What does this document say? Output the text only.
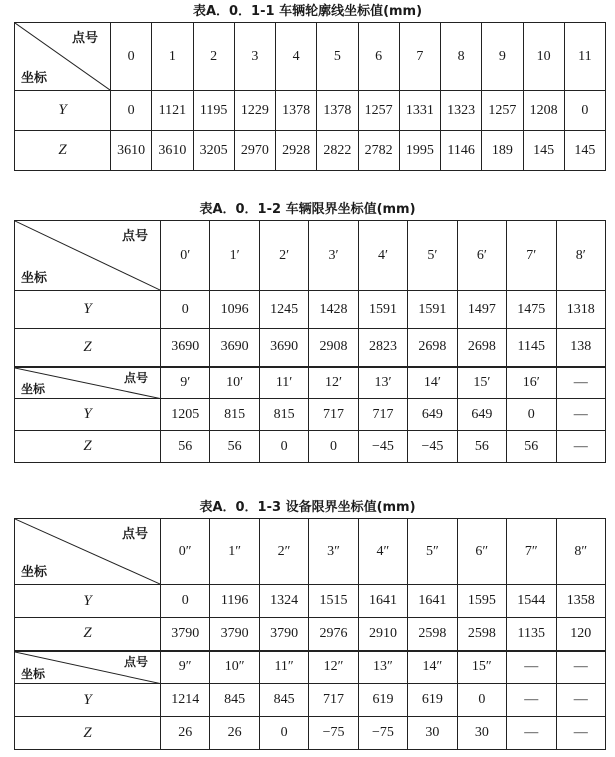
表A．0．1-1 车辆轮廓线坐标值(mm)

点号
坐标	0	1	2	3	4	5	6	7	8	9	10	11
Y	0	1121	1195	1229	1378	1378	1257	1331	1323	1257	1208	0
Z	3610	3610	3205	2970	2928	2822	2782	1995	1146	189	145	145

表A．0．1-2 车辆限界坐标值(mm)

点号
坐标	0′	1′	2′	3′	4′	5′	6′	7′	8′
Y	0	1096	1245	1428	1591	1591	1497	1475	1318
Z	3690	3690	3690	2908	2823	2698	2698	1145	138

点号
坐标	9′	10′	11′	12′	13′	14′	15′	16′	—
Y	1205	815	815	717	717	649	649	0	—
Z	56	56	0	0	−45	−45	56	56	—

表A．0．1-3 设备限界坐标值(mm)

点号
坐标	0″	1″	2″	3″	4″	5″	6″	7″	8″
Y	0	1196	1324	1515	1641	1641	1595	1544	1358
Z	3790	3790	3790	2976	2910	2598	2598	1135	120

点号
坐标	9″	10″	11″	12″	13″	14″	15″	—	—
Y	1214	845	845	717	619	619	0	—	—
Z	26	26	0	−75	−75	30	30	—	—
